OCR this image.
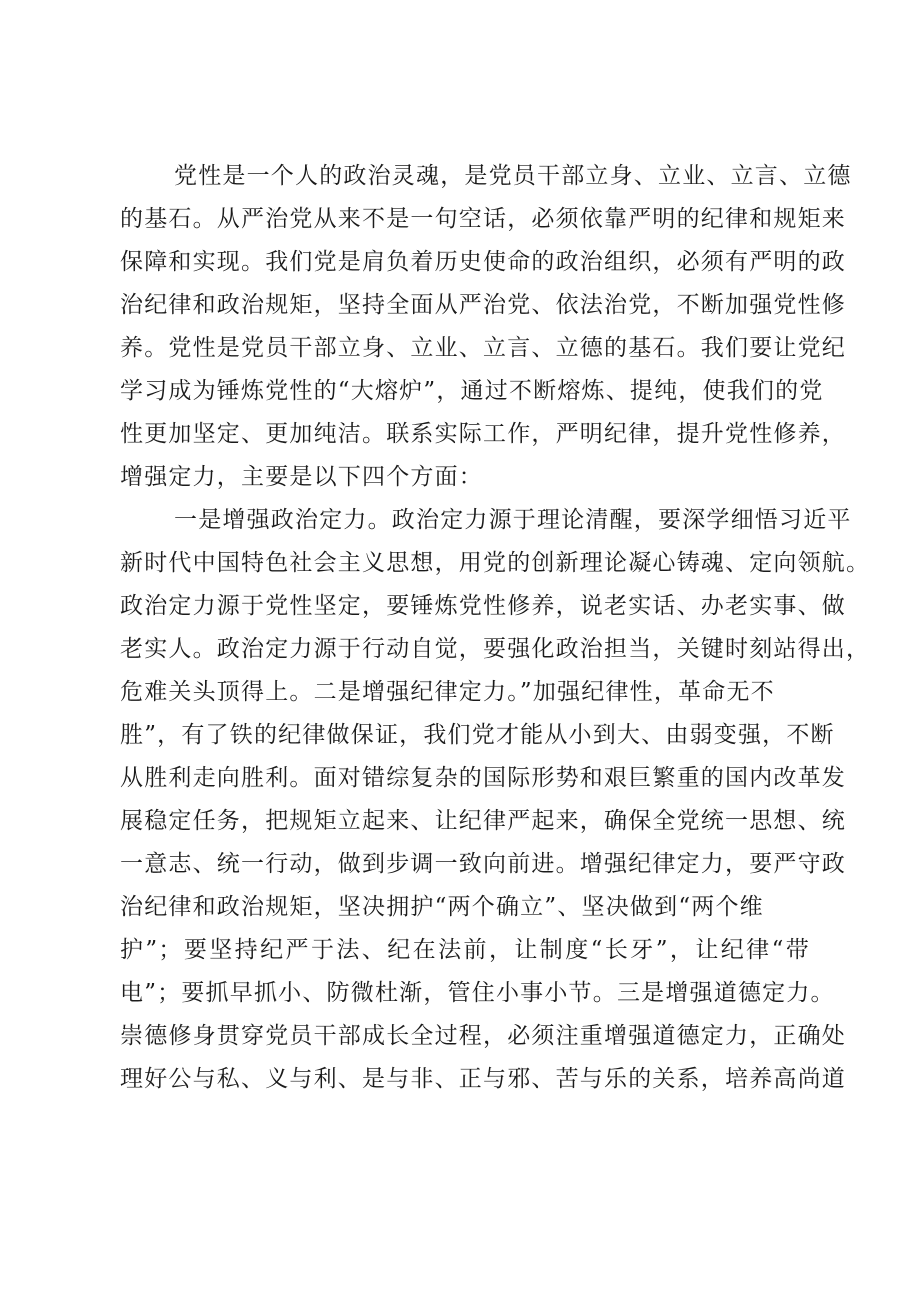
党性是一个人的政治灵魂，是党员干部立身、立业、立言、立德
的基石。从严治党从来不是一句空话，必须依靠严明的纪律和规矩来
保障和实现。我们党是肩负着历史使命的政治组织，必须有严明的政
治纪律和政治规矩，坚持全面从严治党、依法治党，不断加强党性修
养。党性是党员干部立身、立业、立言、立德的基石。我们要让党纪
学习成为锤炼党性的“大熔炉”，通过不断熔炼、提纯，使我们的党
性更加坚定、更加纯洁。联系实际工作，严明纪律，提升党性修养，
增强定力，主要是以下四个方面：
一是增强政治定力。政治定力源于理论清醒，要深学细悟习近平
新时代中国特色社会主义思想，用党的创新理论凝心铸魂、定向领航。
政治定力源于党性坚定，要锤炼党性修养，说老实话、办老实事、做
老实人。政治定力源于行动自觉，要强化政治担当，关键时刻站得出，
危难关头顶得上。二是增强纪律定力。”加强纪律性，革命无不
胜”，有了铁的纪律做保证，我们党才能从小到大、由弱变强，不断
从胜利走向胜利。面对错综复杂的国际形势和艰巨繁重的国内改革发
展稳定任务，把规矩立起来、让纪律严起来，确保全党统一思想、统
一意志、统一行动，做到步调一致向前进。增强纪律定力，要严守政
治纪律和政治规矩，坚决拥护“两个确立”、坚决做到“两个维
护”；要坚持纪严于法、纪在法前，让制度“长牙”，让纪律“带
电”；要抓早抓小、防微杜渐，管住小事小节。三是增强道德定力。
崇德修身贯穿党员干部成长全过程，必须注重增强道德定力，正确处
理好公与私、义与利、是与非、正与邪、苦与乐的关系，培养高尚道
